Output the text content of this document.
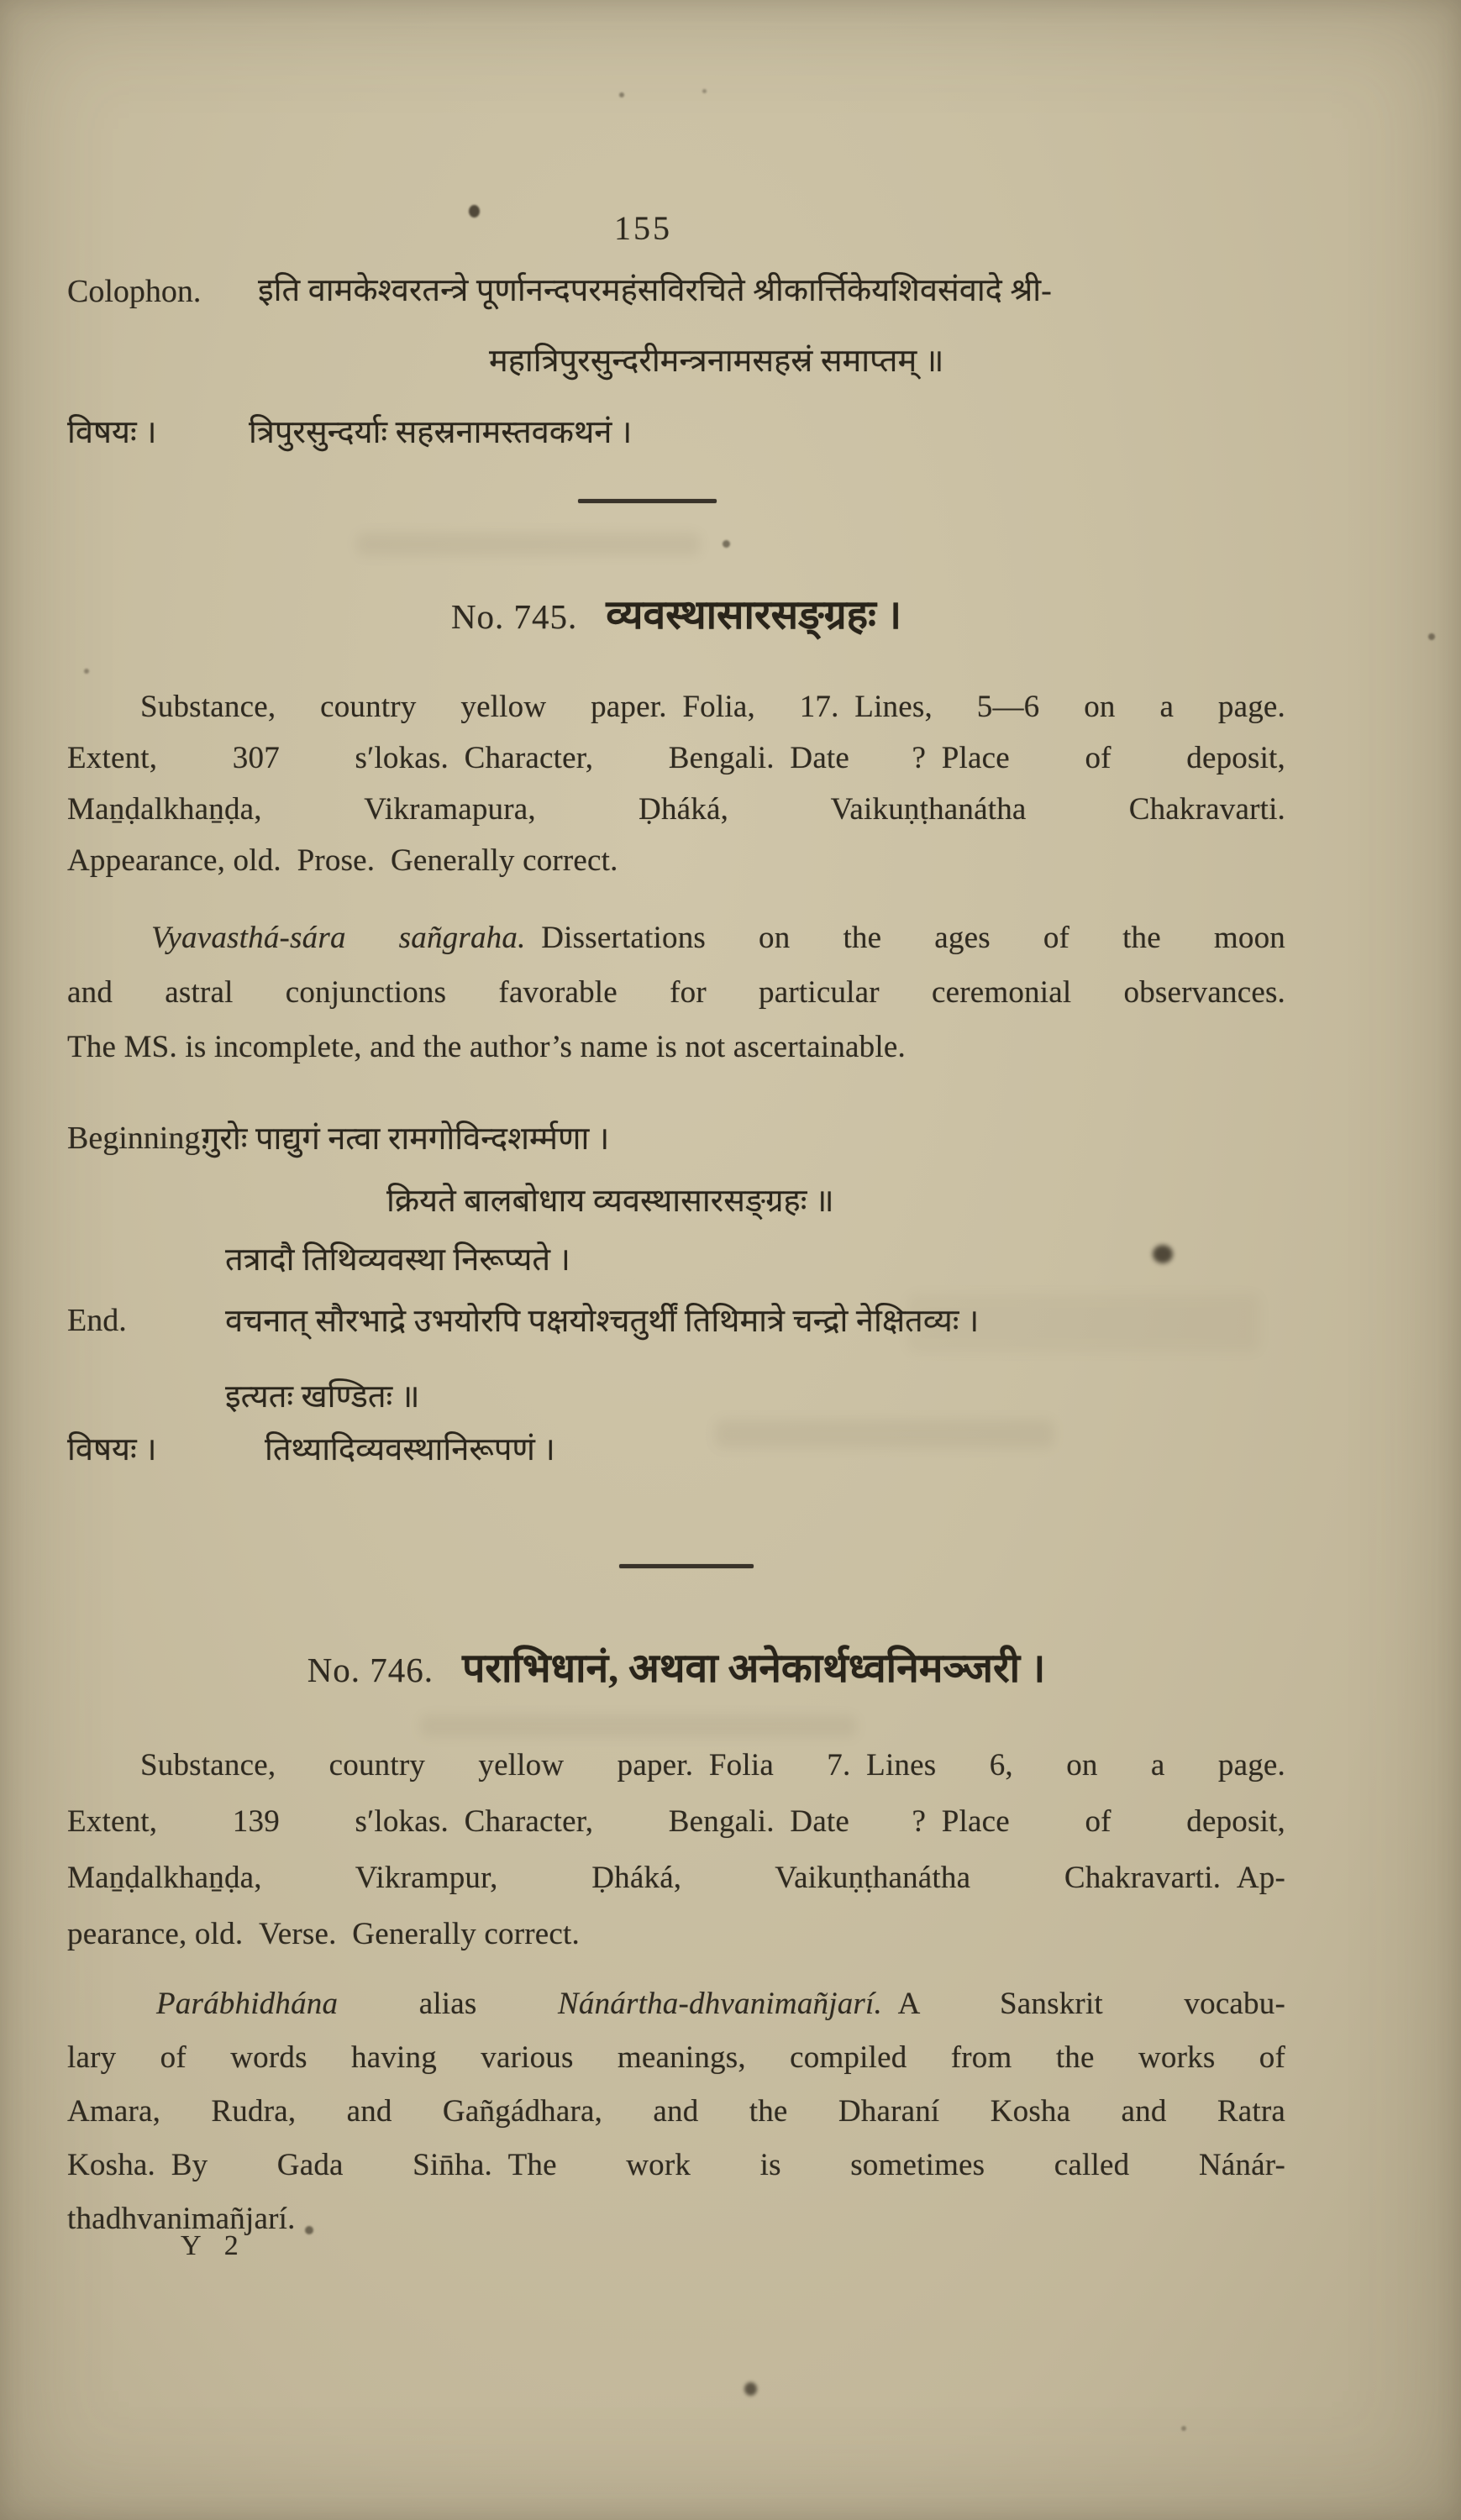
155
Colophon. इति वामकेश्वरतन्त्रे पूर्णानन्दपरमहंसविरचिते श्रीकार्त्तिकेयशिवसंवादे श्री-
महात्रिपुरसुन्दरीमन्त्रनामसहस्रं समाप्तम् ॥
विषयः ।	त्रिपुरसुन्दर्याः सहस्रनामस्तवकथनं ।
No. 745. व्यवस्थासारसङ्ग्रहः ।
Substance, country yellow paper. Folia, 17. Lines, 5—6 on a page.
Extent, 307 s′lokas. Character, Bengali. Date  ? Place of deposit,
Maṉḍalkhaṉḍa, Vikramapura, Ḍháká, Vaikuṇṭhanátha Chakravarti.
Appearance, old. Prose. Generally correct.
Vyavasthá-sára sañgraha. Dissertations on the ages of the moon
and astral conjunctions favorable for particular ceremonial observances.
The MS. is incomplete, and the author’s name is not ascertainable.
Beginning.
गुरोः पाद्युगं नत्वा रामगोविन्दशर्म्मणा ।
क्रियते बालबोधाय व्यवस्थासारसङ्ग्रहः ॥
तत्रादौ तिथिव्यवस्था निरूप्यते ।
End.	वचनात् सौरभाद्रे उभयोरपि पक्षयोश्चतुर्थीं तिथिमात्रे चन्द्रो नेक्षितव्यः ।
इत्यतः खण्डितः ॥
विषयः ।	तिथ्यादिव्यवस्थानिरूपणं ।
No. 746. पराभिधानं, अथवा अनेकार्थध्वनिमञ्जरी ।
Substance, country yellow paper. Folia 7. Lines 6, on a page.
Extent, 139 s′lokas. Character, Bengali. Date  ? Place of deposit,
Maṉḍalkhaṉḍa, Vikrampur, Ḍháká, Vaikuṇṭhanátha Chakravarti. Ap-
pearance, old. Verse. Generally correct.
Parábhidhána alias Nánártha-dhvanimañjarí. A Sanskrit vocabu-
lary of words having various meanings, compiled from the works of
Amara, Rudra, and Gañgádhara, and the Dharaní Kosha and Ratra
Kosha. By Gada Sin̄ha. The work is sometimes called Nánár-
thadhvanimañjarí.
Y 2
